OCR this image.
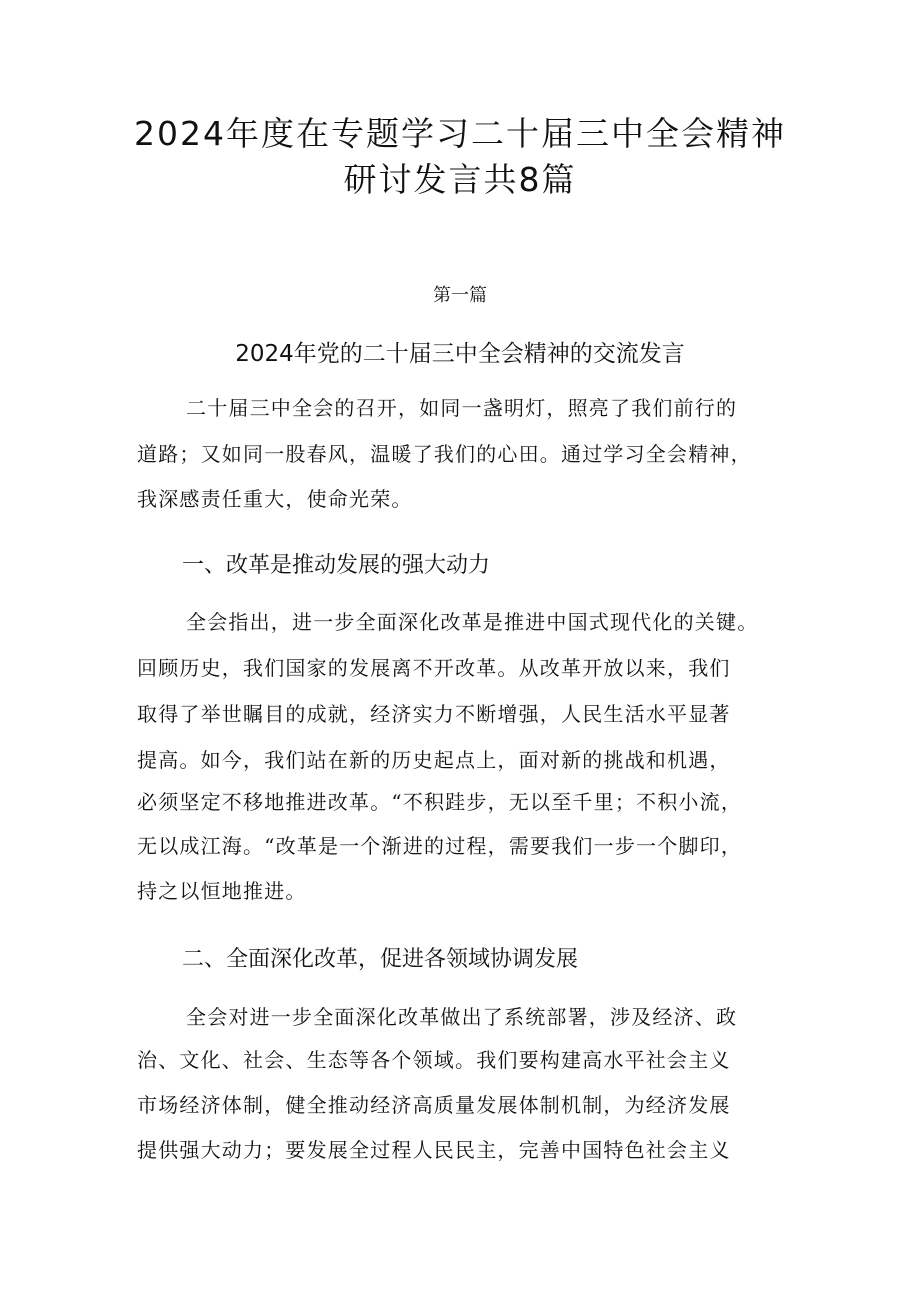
2024年度在专题学习二十届三中全会精神
研讨发言共8篇
第一篇
2024年党的二十届三中全会精神的交流发言
二十届三中全会的召开，如同一盏明灯，照亮了我们前行的
道路；又如同一股春风，温暖了我们的心田。通过学习全会精神，
我深感责任重大，使命光荣。
一、改革是推动发展的强大动力
全会指出，进一步全面深化改革是推进中国式现代化的关键。
回顾历史，我们国家的发展离不开改革。从改革开放以来，我们
取得了举世瞩目的成就，经济实力不断增强，人民生活水平显著
提高。如今，我们站在新的历史起点上，面对新的挑战和机遇，
必须坚定不移地推进改革。“不积跬步，无以至千里；不积小流，
无以成江海。“改革是一个渐进的过程，需要我们一步一个脚印，
持之以恒地推进。
二、全面深化改革，促进各领域协调发展
全会对进一步全面深化改革做出了系统部署，涉及经济、政
治、文化、社会、生态等各个领域。我们要构建高水平社会主义
市场经济体制，健全推动经济高质量发展体制机制，为经济发展
提供强大动力；要发展全过程人民民主，完善中国特色社会主义
